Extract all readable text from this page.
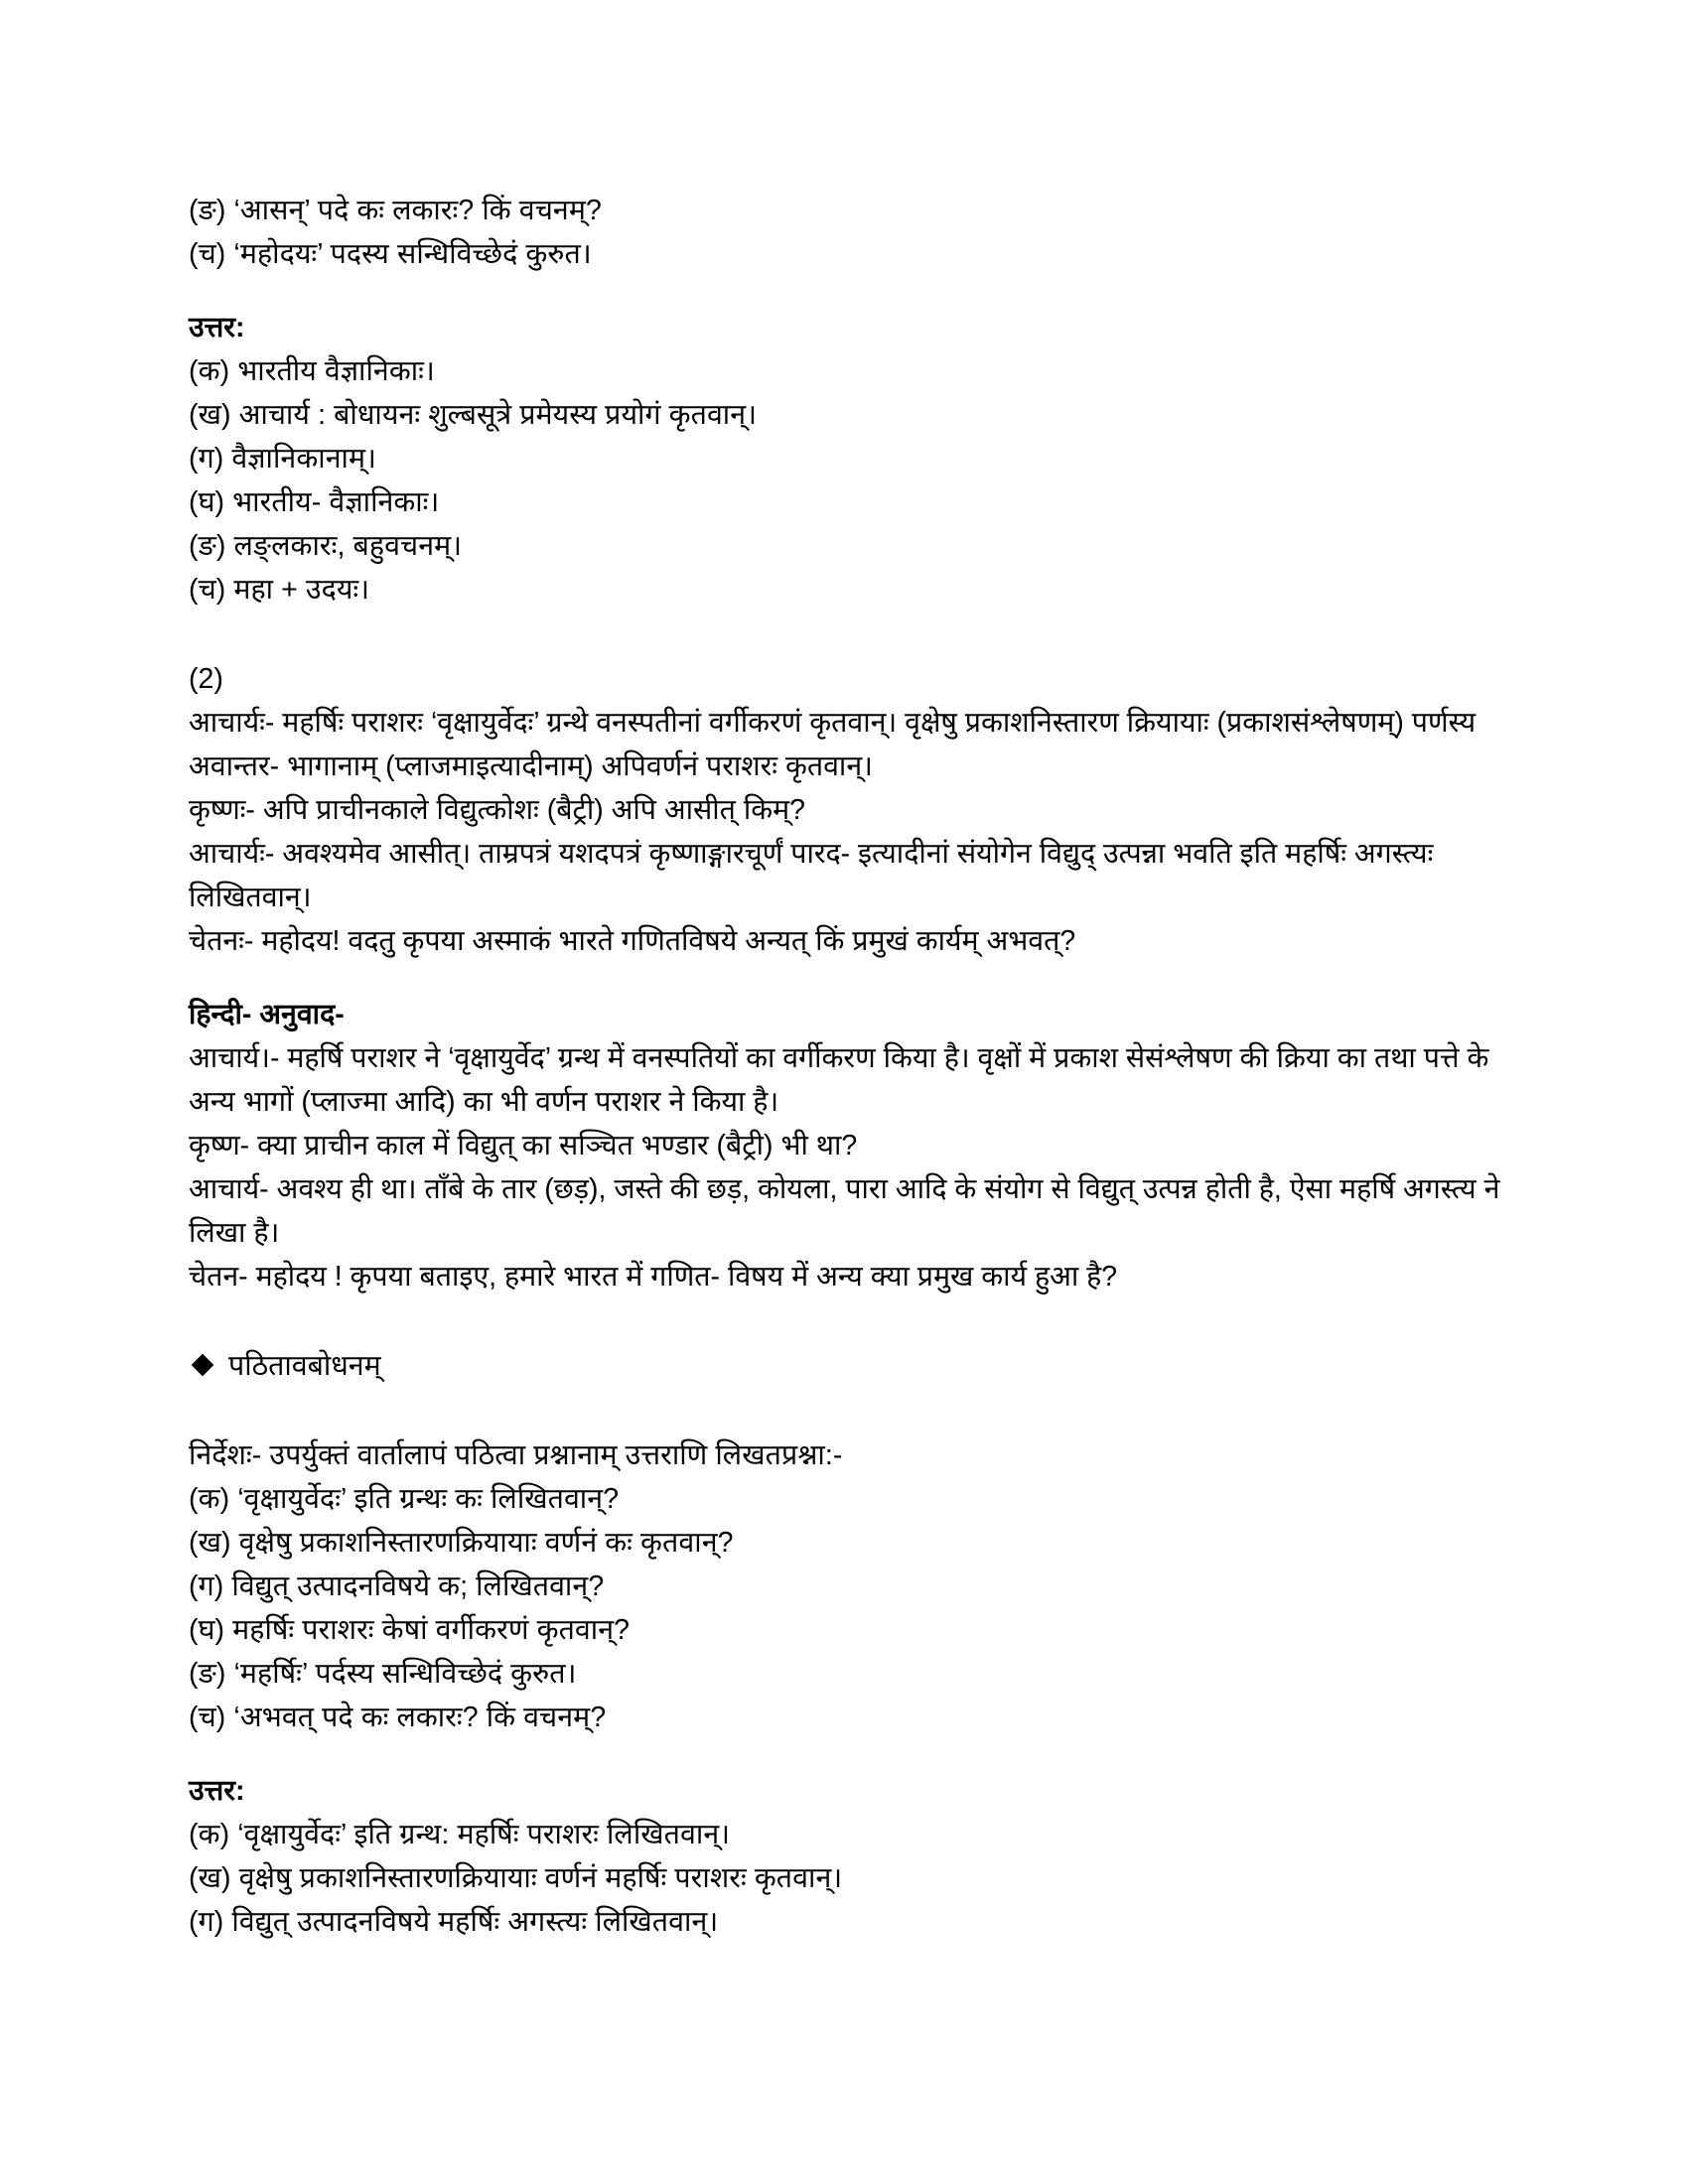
(ङ) ‘आसन्’ पदे कः लकारः? किं वचनम्?

(च) ‘महोदयः’ पदस्य सन्धिविच्छेदं कुरुत।

उत्तर:

(क) भारतीय वैज्ञानिकाः।

(ख) आचार्य : बोधायनः शुल्बसूत्रे प्रमेयस्य प्रयोगं कृतवान्।

(ग) वैज्ञानिकानाम्।

(घ) भारतीय- वैज्ञानिकाः।

(ङ) लङ्लकारः, बहुवचनम्।

(च) महा + उदयः।

(2)

आचार्यः- महर्षिः पराशरः ‘वृक्षायुर्वेदः’ ग्रन्थे वनस्पतीनां वर्गीकरणं कृतवान्। वृक्षेषु प्रकाशनिस्तारण क्रियायाः (प्रकाशसंश्लेषणम्) पर्णस्य अवान्तर- भागानाम् (प्लाजमाइत्यादीनाम्) अपिवर्णनं पराशरः कृतवान्।

कृष्णः- अपि प्राचीनकाले विद्युत्कोशः (बैट्री) अपि आसीत् किम्?

आचार्यः- अवश्यमेव आसीत्। ताम्रपत्रं यशदपत्रं कृष्णाङ्गारचूर्णं पारद- इत्यादीनां संयोगेन विद्युद् उत्पन्ना भवति इति महर्षिः अगस्त्यः लिखितवान्।

चेतनः- महोदय! वदतु कृपया अस्माकं भारते गणितविषये अन्यत् किं प्रमुखं कार्यम् अभवत्?

हिन्दी- अनुवाद-

आचार्य।- महर्षि पराशर ने ‘वृक्षायुर्वेद’ ग्रन्थ में वनस्पतियों का वर्गीकरण किया है। वृक्षों में प्रकाश सेसंश्लेषण की क्रिया का तथा पत्ते के अन्य भागों (प्लाज्मा आदि) का भी वर्णन पराशर ने किया है।

कृष्ण- क्या प्राचीन काल में विद्युत् का सञ्चित भण्डार (बैट्री) भी था?

आचार्य- अवश्य ही था। ताँबे के तार (छड़), जस्ते की छड़, कोयला, पारा आदि के संयोग से विद्युत् उत्पन्न होती है, ऐसा महर्षि अगस्त्य ने लिखा है।

चेतन- महोदय ! कृपया बताइए, हमारे भारत में गणित- विषय में अन्य क्या प्रमुख कार्य हुआ है?

पठितावबोधनम्

निर्देशः- उपर्युक्तं वार्तालापं पठित्वा प्रश्नानाम् उत्तराणि लिखतप्रश्ना:-

(क) ‘वृक्षायुर्वेदः’ इति ग्रन्थः कः लिखितवान्?

(ख) वृक्षेषु प्रकाशनिस्तारणक्रियायाः वर्णनं कः कृतवान्?

(ग) विद्युत् उत्पादनविषये क; लिखितवान्?

(घ) महर्षिः पराशरः केषां वर्गीकरणं कृतवान्?

(ङ) ‘महर्षिः’ पर्दस्य सन्धिविच्छेदं कुरुत।

(च) ‘अभवत् पदे कः लकारः? किं वचनम्?

उत्तर:

(क) ‘वृक्षायुर्वेदः’ इति ग्रन्थ: महर्षिः पराशरः लिखितवान्।

(ख) वृक्षेषु प्रकाशनिस्तारणक्रियायाः वर्णनं महर्षिः पराशरः कृतवान्।

(ग) विद्युत् उत्पादनविषये महर्षिः अगस्त्यः लिखितवान्।
